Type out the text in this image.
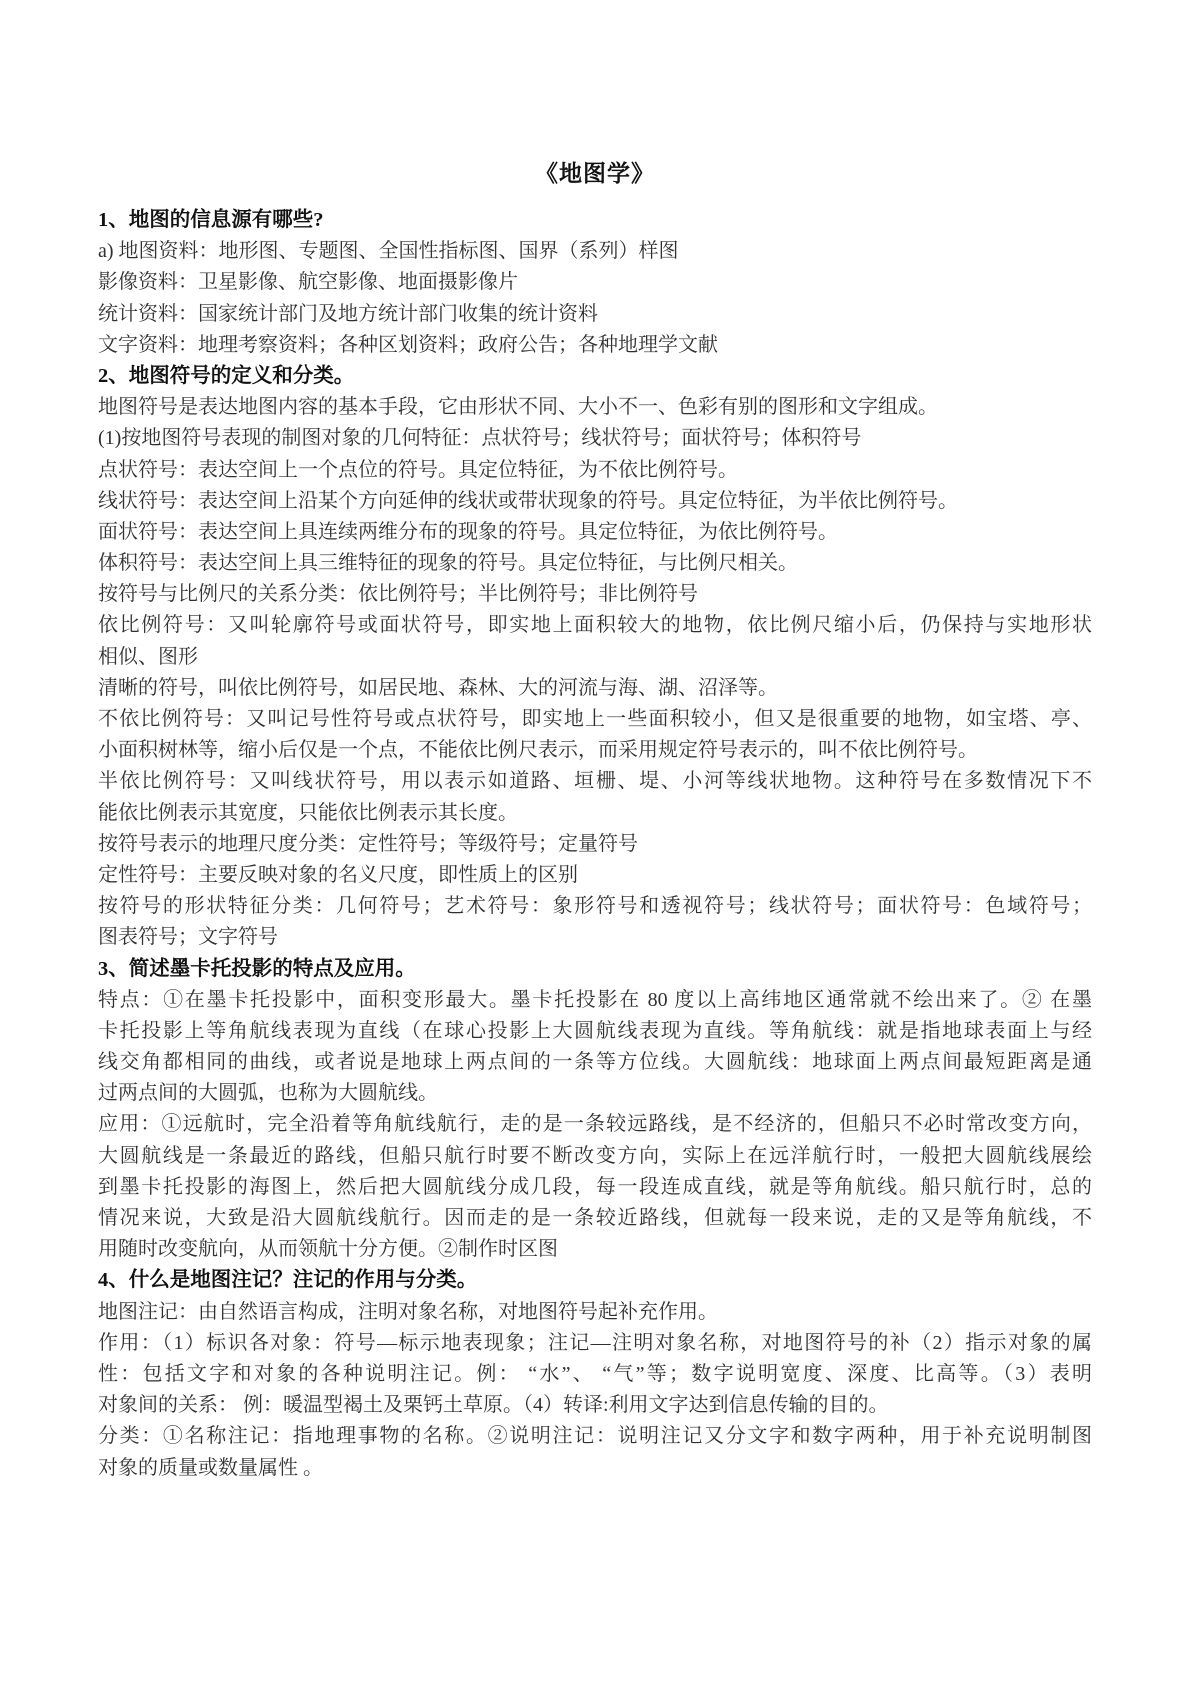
《地图学》
1、地图的信息源有哪些?
a) 地图资料：地形图、专题图、全国性指标图、国界（系列）样图
影像资料：卫星影像、航空影像、地面摄影像片
统计资料：国家统计部门及地方统计部门收集的统计资料
文字资料：地理考察资料；各种区划资料；政府公告；各种地理学文献
2、地图符号的定义和分类。
地图符号是表达地图内容的基本手段，它由形状不同、大小不一、色彩有别的图形和文字组成。
(1)按地图符号表现的制图对象的几何特征：点状符号；线状符号；面状符号；体积符号
点状符号：表达空间上一个点位的符号。具定位特征，为不依比例符号。
线状符号：表达空间上沿某个方向延伸的线状或带状现象的符号。具定位特征，为半依比例符号。
面状符号：表达空间上具连续两维分布的现象的符号。具定位特征，为依比例符号。
体积符号：表达空间上具三维特征的现象的符号。具定位特征，与比例尺相关。
按符号与比例尺的关系分类：依比例符号；半比例符号；非比例符号
依比例符号：又叫轮廓符号或面状符号，即实地上面积较大的地物，依比例尺缩小后，仍保持与实地形状
相似、图形
清晰的符号，叫依比例符号，如居民地、森林、大的河流与海、湖、沼泽等。
不依比例符号：又叫记号性符号或点状符号，即实地上一些面积较小，但又是很重要的地物，如宝塔、亭、
小面积树林等，缩小后仅是一个点，不能依比例尺表示，而采用规定符号表示的，叫不依比例符号。
半依比例符号：又叫线状符号，用以表示如道路、垣栅、堤、小河等线状地物。这种符号在多数情况下不
能依比例表示其宽度，只能依比例表示其长度。
按符号表示的地理尺度分类：定性符号；等级符号；定量符号
定性符号：主要反映对象的名义尺度，即性质上的区别
按符号的形状特征分类：几何符号；艺术符号：象形符号和透视符号；线状符号；面状符号：色域符号；
图表符号；文字符号
3、简述墨卡托投影的特点及应用。
特点：①在墨卡托投影中，面积变形最大。墨卡托投影在 80 度以上高纬地区通常就不绘出来了。② 在墨
卡托投影上等角航线表现为直线（在球心投影上大圆航线表现为直线。等角航线：就是指地球表面上与经
线交角都相同的曲线，或者说是地球上两点间的一条等方位线。大圆航线：地球面上两点间最短距离是通
过两点间的大圆弧，也称为大圆航线。
应用：①远航时，完全沿着等角航线航行，走的是一条较远路线，是不经济的，但船只不必时常改变方向，
大圆航线是一条最近的路线，但船只航行时要不断改变方向，实际上在远洋航行时，一般把大圆航线展绘
到墨卡托投影的海图上，然后把大圆航线分成几段，每一段连成直线，就是等角航线。船只航行时，总的
情况来说，大致是沿大圆航线航行。因而走的是一条较近路线，但就每一段来说，走的又是等角航线，不
用随时改变航向，从而领航十分方便。②制作时区图
4、什么是地图注记？注记的作用与分类。
地图注记：由自然语言构成，注明对象名称，对地图符号起补充作用。
作用：（1）标识各对象：符号—标示地表现象；注记—注明对象名称，对地图符号的补（2）指示对象的属
性：包括文字和对象的各种说明注记。例： “水”、 “气”等；数字说明宽度、深度、比高等。（3）表明
对象间的关系： 例：暖温型褐土及栗钙土草原。（4）转译:利用文字达到信息传输的目的。
分类：①名称注记：指地理事物的名称。②说明注记：说明注记又分文字和数字两种，用于补充说明制图
对象的质量或数量属性 。
